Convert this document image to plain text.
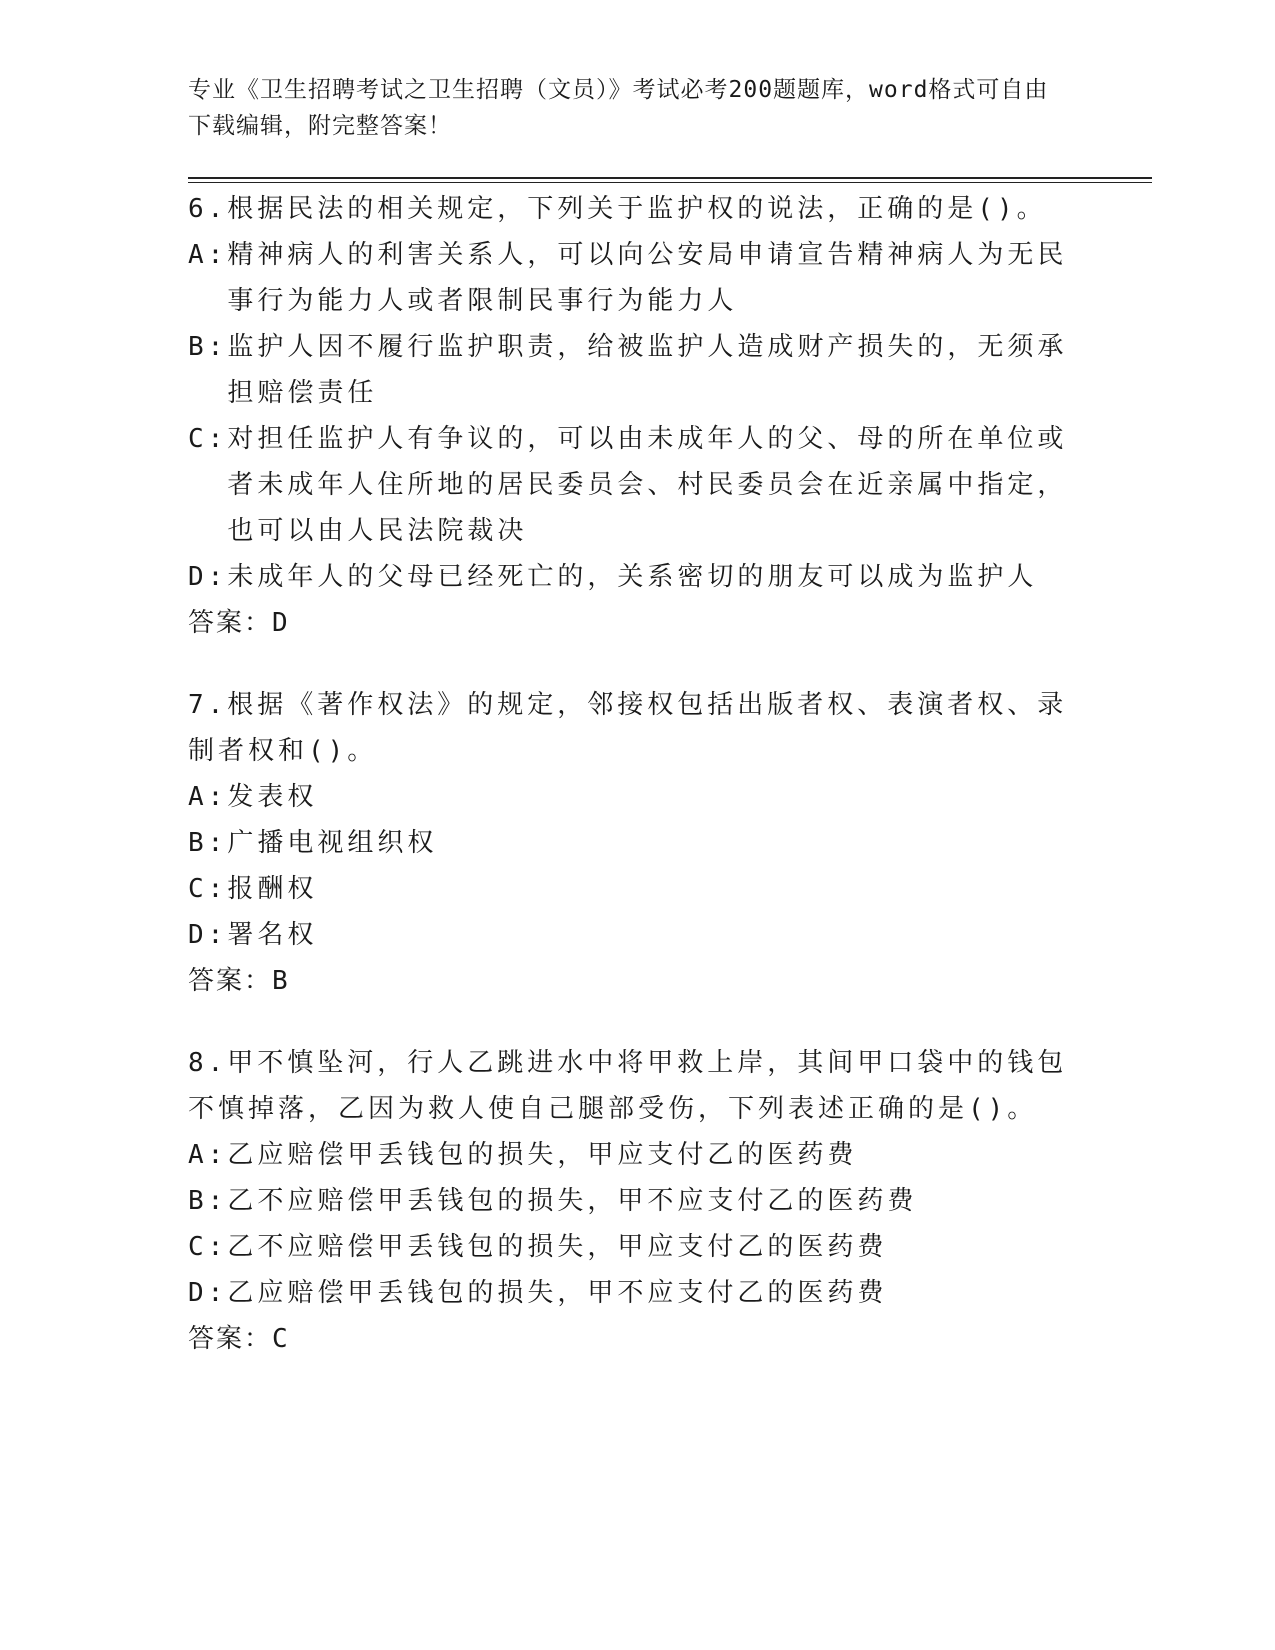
专业《卫生招聘考试之卫生招聘（文员）》考试必考200题题库，word格式可自由下载编辑，附完整答案！
6.根据民法的相关规定，下列关于监护权的说法，正确的是()。
A: 精神病人的利害关系人，可以向公安局申请宣告精神病人为无民事行为能力人或者限制民事行为能力人
B: 监护人因不履行监护职责，给被监护人造成财产损失的，无须承担赔偿责任
C: 对担任监护人有争议的，可以由未成年人的父、母的所在单位或者未成年人住所地的居民委员会、村民委员会在近亲属中指定，也可以由人民法院裁决
D: 未成年人的父母已经死亡的，关系密切的朋友可以成为监护人
答案：D
7.根据《著作权法》的规定，邻接权包括出版者权、表演者权、录制者权和()。
A: 发表权
B: 广播电视组织权
C: 报酬权
D: 署名权
答案：B
8.甲不慎坠河，行人乙跳进水中将甲救上岸，其间甲口袋中的钱包不慎掉落，乙因为救人使自己腿部受伤，下列表述正确的是()。
A: 乙应赔偿甲丢钱包的损失，甲应支付乙的医药费
B: 乙不应赔偿甲丢钱包的损失，甲不应支付乙的医药费
C: 乙不应赔偿甲丢钱包的损失，甲应支付乙的医药费
D: 乙应赔偿甲丢钱包的损失，甲不应支付乙的医药费
答案：C
